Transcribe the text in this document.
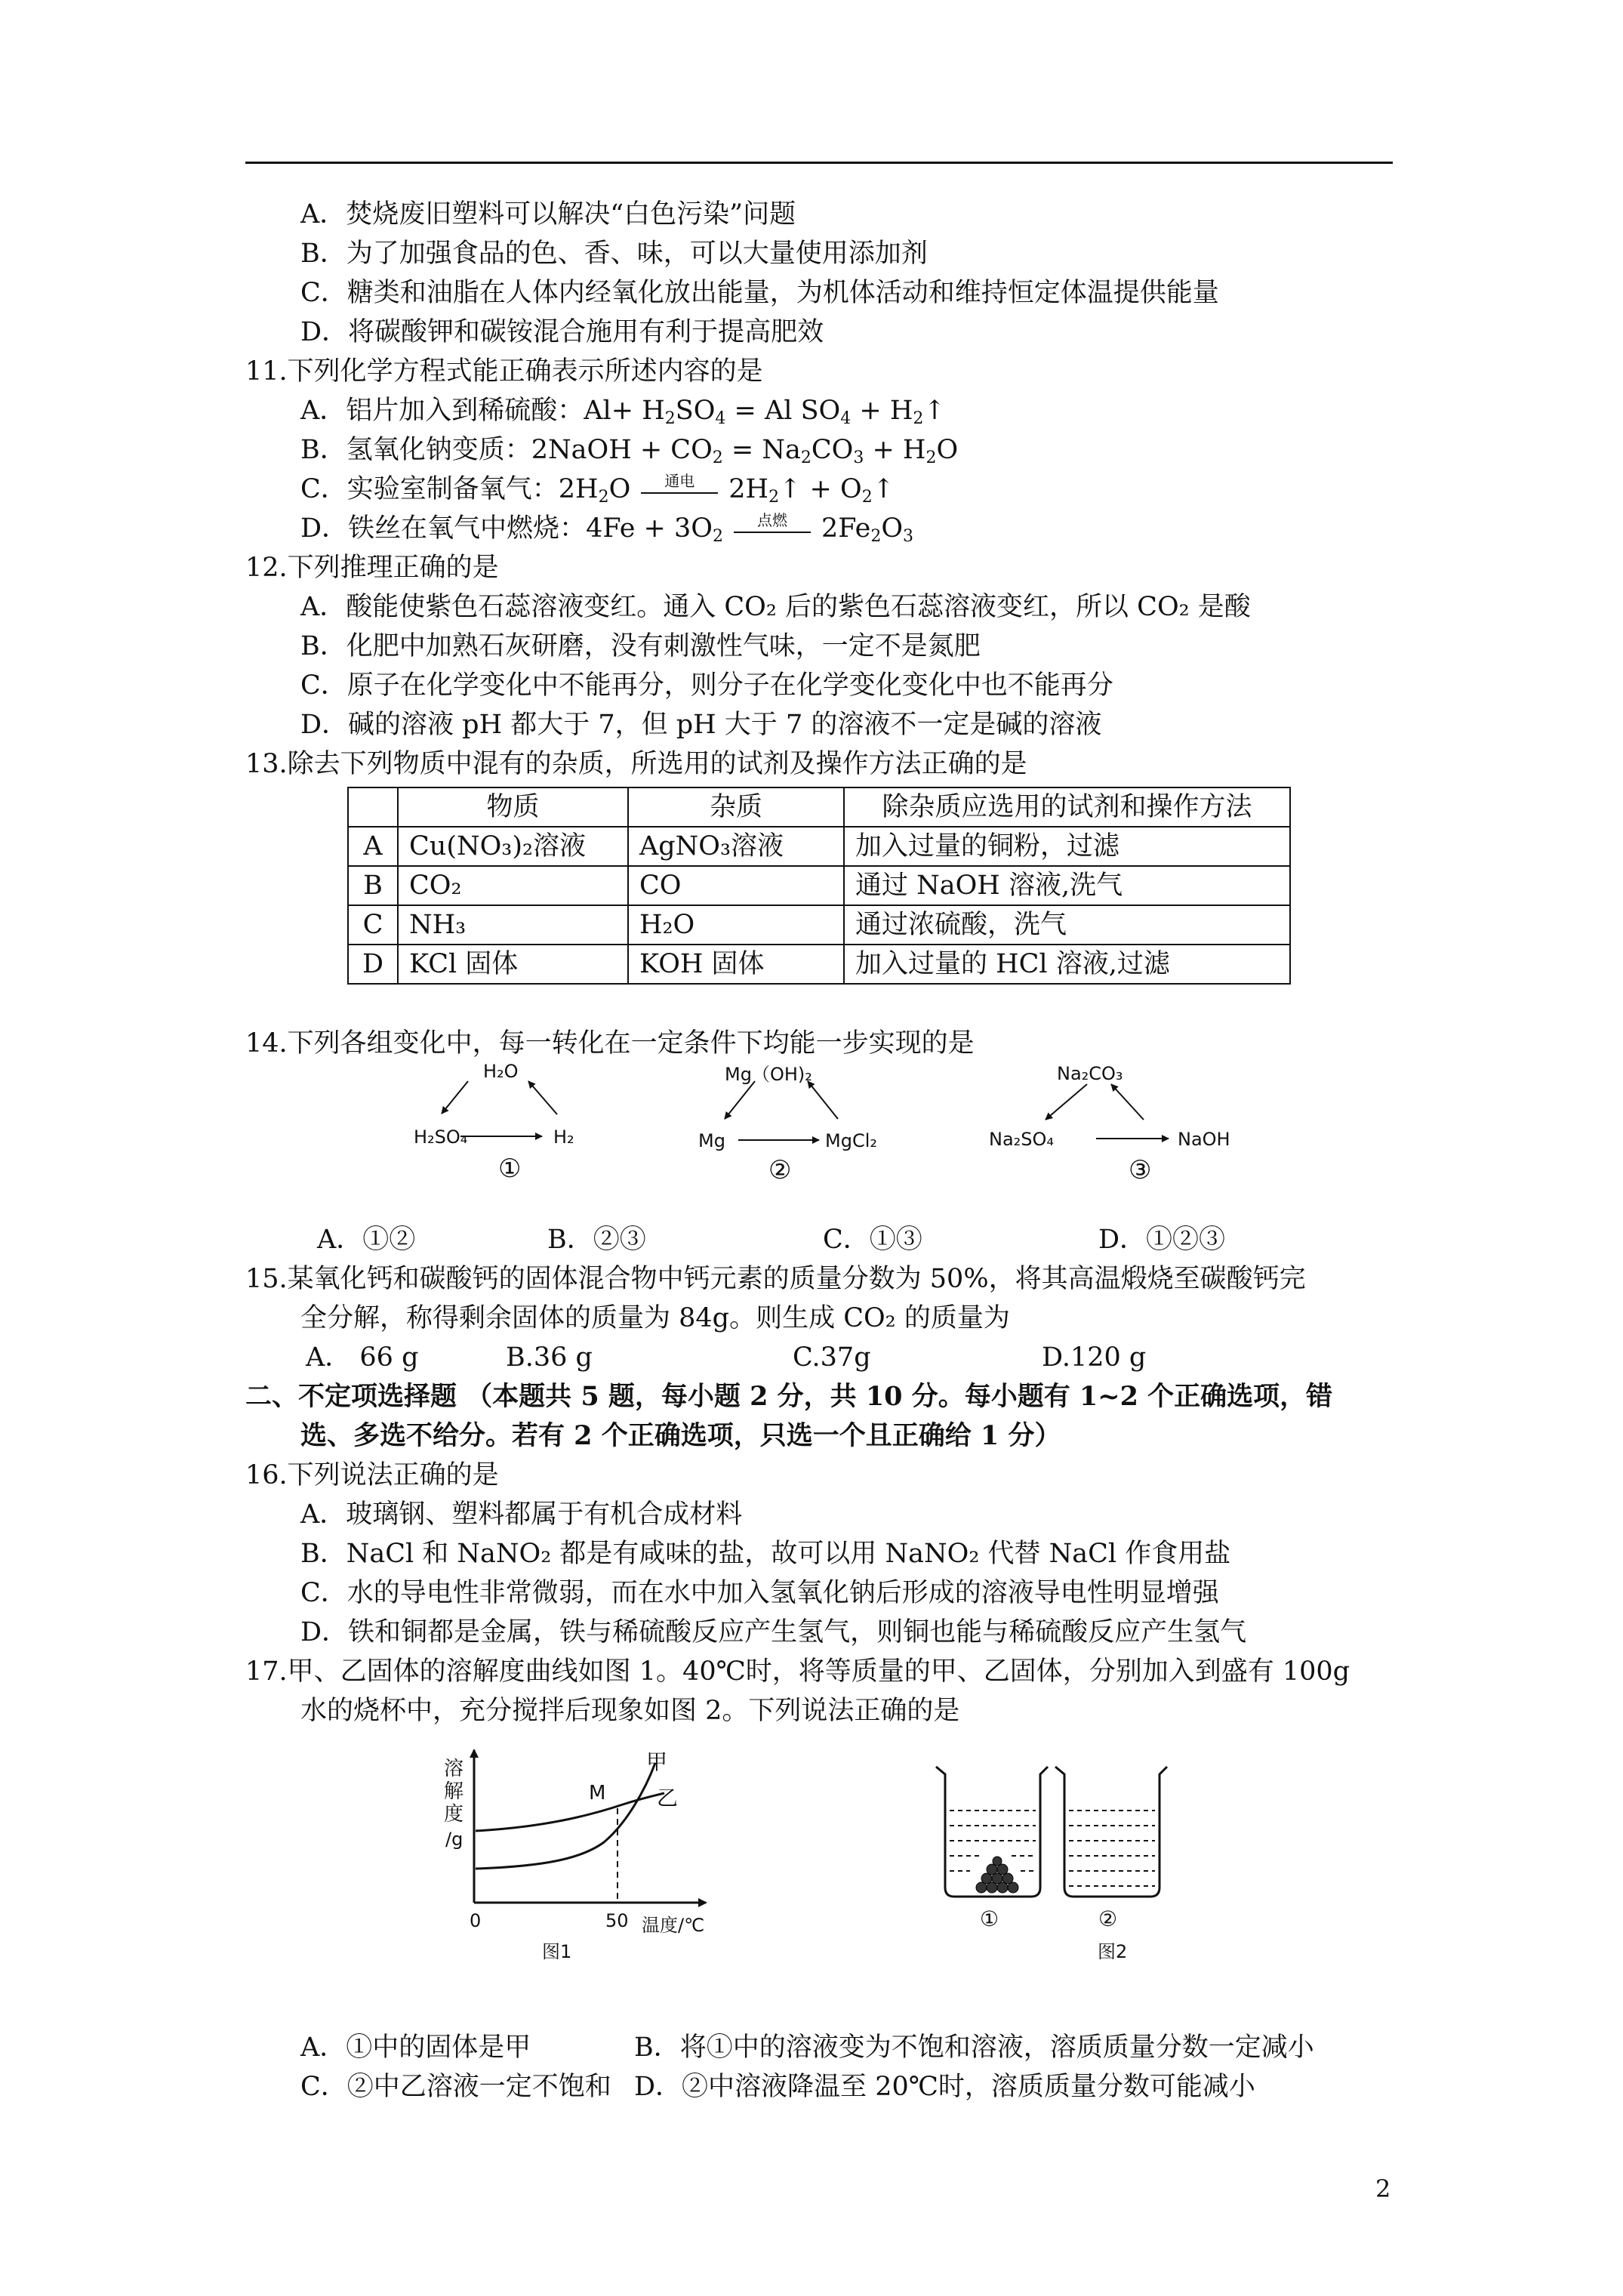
A．焚烧废旧塑料可以解决“白色污染”问题
B．为了加强食品的色、香、味，可以大量使用添加剂
C．糖类和油脂在人体内经氧化放出能量，为机体活动和维持恒定体温提供能量
D．将碳酸钾和碳铵混合施用有利于提高肥效
11.下列化学方程式能正确表示所述内容的是
A．铝片加入到稀硫酸：$Al+ H_2SO_4 = Al$ $SO_4$ + $H_2↑$
B．氢氧化钠变质：2NaOH + $CO_2 = Na_2CO_3 + H_2O$
C．实验室制备氧气：$2H_2O$	通电	$2H_2↑$ + $O_2↑$
D．铁丝在氧气中燃烧：$4Fe + 3O_2$
点燃	$2Fe_2O_3$
12.下列推理正确的是
A．酸能使紫色石蕊溶液变红。通入 CO₂ 后的紫色石蕊溶液变红，所以 CO₂ 是酸
B．化肥中加熟石灰研磨，没有刺激性气味，一定不是氮肥
C．原子在化学变化中不能再分，则分子在化学变化变化中也不能再分
D．碱的溶液 pH 都大于 7，但 pH 大于 7 的溶液不一定是碱的溶液
13.除去下列物质中混有的杂质，所选用的试剂及操作方法正确的是
	物质	杂质	除杂质应选用的试剂和操作方法
A	Cu(NO₃)₂溶液	AgNO₃溶液	加入过量的铜粉，过滤
B	CO₂	CO	通过 NaOH 溶液,洗气
C	NH₃	H₂O	通过浓硫酸，洗气
D	KCl 固体	KOH 固体	加入过量的 HCl 溶液,过滤
14.下列各组变化中，每一转化在一定条件下均能一步实现的是
H₂O
H₂SO₄	H₂
①
Mg（OH)₂
Mg	MgCl₂
②
Na₂CO₃
Na₂SO₄	NaOH
③
A．①②	B．②③	C．①③	D．①②③
15.某氧化钙和碳酸钙的固体混合物中钙元素的质量分数为 50%，将其高温煅烧至碳酸钙完
全分解，称得剩余固体的质量为 84g。则生成 CO₂ 的质量为
A． 66 g	B.36 g	C.37g	D.120 g
二、不定项选择题 （本题共 5 题，每小题 2 分，共 10 分。每小题有 1~2 个正确选项，错
选、多选不给分。若有 2 个正确选项，只选一个且正确给 1 分）
16.下列说法正确的是
A．玻璃钢、塑料都属于有机合成材料
B．NaCl 和 NaNO₂ 都是有咸味的盐，故可以用 NaNO₂ 代替 NaCl 作食用盐
C．水的导电性非常微弱，而在水中加入氢氧化钠后形成的溶液导电性明显增强
D．铁和铜都是金属，铁与稀硫酸反应产生氢气，则铜也能与稀硫酸反应产生氢气
17.甲、乙固体的溶解度曲线如图 1。40℃时，将等质量的甲、乙固体，分别加入到盛有 100g
水的烧杯中，充分搅拌后现象如图 2。下列说法正确的是
溶
解
度
/g
甲
乙
M
0	50 温度/℃
图1
①	②
图2
A．①中的固体是甲	B．将①中的溶液变为不饱和溶液，溶质质量分数一定减小
C．②中乙溶液一定不饱和 D．②中溶液降温至 20℃时，溶质质量分数可能减小
2
